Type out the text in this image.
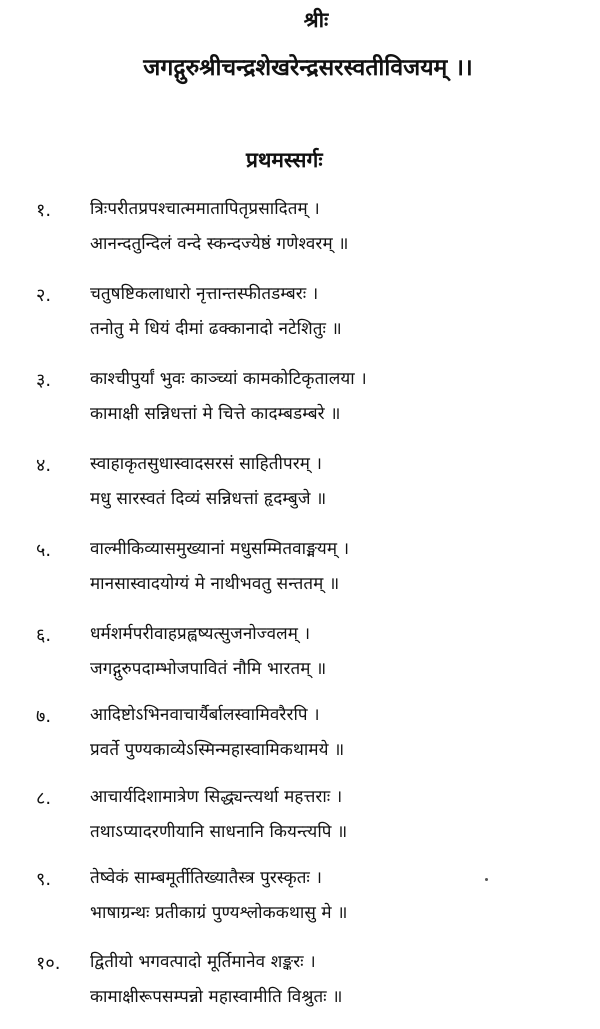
श्रीः
जगद्गुरुश्रीचन्द्रशेखरेन्द्रसरस्वतीविजयम् ।।
प्रथमस्सर्गः
१.	त्रिःपरीतप्रपश्चात्ममातापितृप्रसादितम् ।
आनन्दतुन्दिलं वन्दे स्कन्दज्येष्ठं गणेश्वरम् ॥
२.	चतुषष्टिकलाधारो नृत्तान्तस्फीतडम्बरः ।
तनोतु मे धियं दीमां ढक्कानादो नटेशितुः ॥
३.	काश्चीपुर्यां भुवः काञ्च्यां कामकोटिकृतालया ।
कामाक्षी सन्निधत्तां मे चित्ते कादम्बडम्बरे ॥
४.	स्वाहाकृतसुधास्वादसरसं साहितीपरम् ।
मधु सारस्वतं दिव्यं सन्निधत्तां हृदम्बुजे ॥
५.	वाल्मीकिव्यासमुख्यानां मधुसम्मितवाङ्मयम् ।
मानसास्वादयोग्यं मे नाथीभवतु सन्ततम् ॥
६.	धर्मशर्मपरीवाहप्रह्वष्यत्सुजनोज्वलम् ।
जगद्गुरुपदाम्भोजपावितं नौमि भारतम् ॥
७.	आदिष्टोऽभिनवाचार्यैर्बालस्वामिवरैरपि ।
प्रवर्ते पुण्यकाव्येऽस्मिन्महास्वामिकथामये ॥
८.	आचार्यदिशामात्रेण सिद्ध्यन्त्यर्था महत्तराः ।
तथाऽप्यादरणीयानि साधनानि कियन्त्यपि ॥
९.	तेष्वेकं साम्बमूर्तीतिख्यातैस्त्र पुरस्कृतः ।
भाषाग्रन्थः प्रतीकाग्रं पुण्यश्लोककथासु मे ॥
१०.	द्वितीयो भगवत्पादो मूर्तिमानेव शङ्करः ।
कामाक्षीरूपसम्पन्नो महास्वामीति विश्रुतः ॥
